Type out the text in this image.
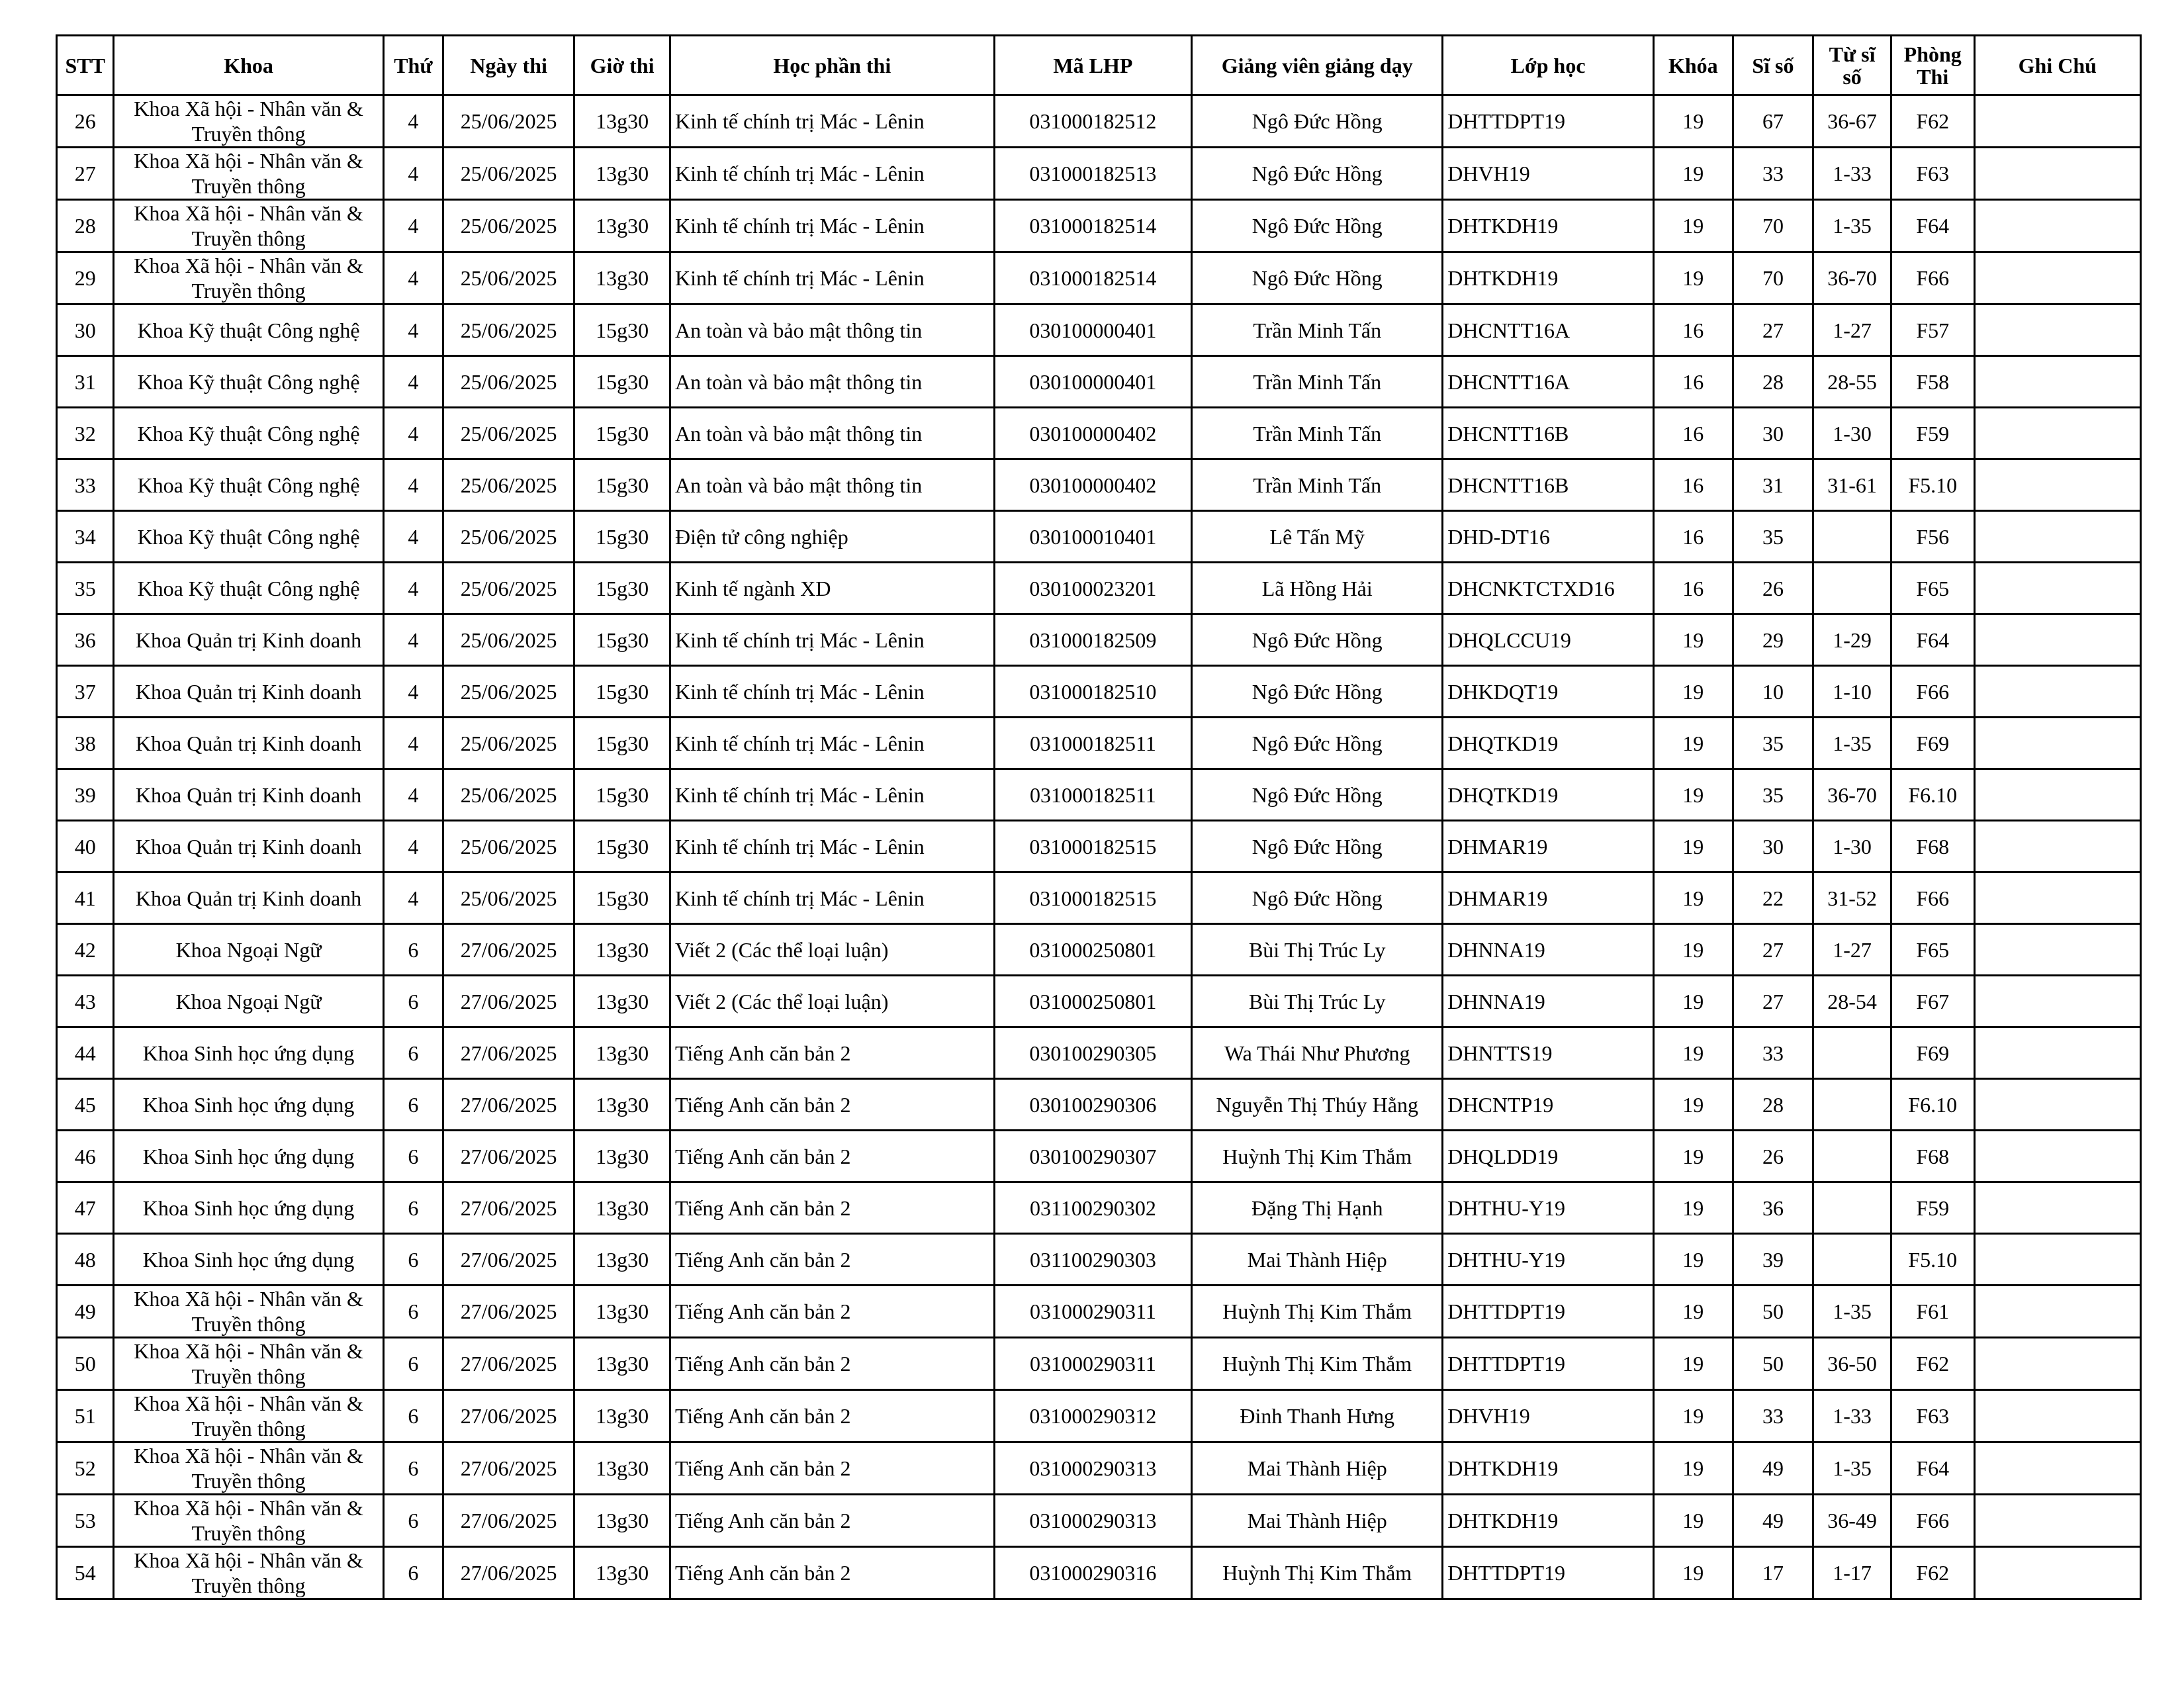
STT	Khoa	Thứ	Ngày thi	Giờ thi	Học phần thi	Mã LHP	Giảng viên giảng dạy	Lớp học	Khóa	Sĩ số	Từ sĩ số	Phòng Thi	Ghi Chú
26	Khoa Xã hội - Nhân văn & Truyền thông	4	25/06/2025	13g30	Kinh tế chính trị Mác - Lênin	031000182512	Ngô Đức Hồng	DHTTDPT19	19	67	36-67	F62	
27	Khoa Xã hội - Nhân văn & Truyền thông	4	25/06/2025	13g30	Kinh tế chính trị Mác - Lênin	031000182513	Ngô Đức Hồng	DHVH19	19	33	1-33	F63	
28	Khoa Xã hội - Nhân văn & Truyền thông	4	25/06/2025	13g30	Kinh tế chính trị Mác - Lênin	031000182514	Ngô Đức Hồng	DHTKDH19	19	70	1-35	F64	
29	Khoa Xã hội - Nhân văn & Truyền thông	4	25/06/2025	13g30	Kinh tế chính trị Mác - Lênin	031000182514	Ngô Đức Hồng	DHTKDH19	19	70	36-70	F66	
30	Khoa Kỹ thuật Công nghệ	4	25/06/2025	15g30	An toàn và bảo mật thông tin	030100000401	Trần Minh Tấn	DHCNTT16A	16	27	1-27	F57	
31	Khoa Kỹ thuật Công nghệ	4	25/06/2025	15g30	An toàn và bảo mật thông tin	030100000401	Trần Minh Tấn	DHCNTT16A	16	28	28-55	F58	
32	Khoa Kỹ thuật Công nghệ	4	25/06/2025	15g30	An toàn và bảo mật thông tin	030100000402	Trần Minh Tấn	DHCNTT16B	16	30	1-30	F59	
33	Khoa Kỹ thuật Công nghệ	4	25/06/2025	15g30	An toàn và bảo mật thông tin	030100000402	Trần Minh Tấn	DHCNTT16B	16	31	31-61	F5.10	
34	Khoa Kỹ thuật Công nghệ	4	25/06/2025	15g30	Điện tử công nghiệp	030100010401	Lê Tấn Mỹ	DHD-DT16	16	35		F56	
35	Khoa Kỹ thuật Công nghệ	4	25/06/2025	15g30	Kinh tế ngành XD	030100023201	Lã Hồng Hải	DHCNKTCTXD16	16	26		F65	
36	Khoa Quản trị Kinh doanh	4	25/06/2025	15g30	Kinh tế chính trị Mác - Lênin	031000182509	Ngô Đức Hồng	DHQLCCU19	19	29	1-29	F64	
37	Khoa Quản trị Kinh doanh	4	25/06/2025	15g30	Kinh tế chính trị Mác - Lênin	031000182510	Ngô Đức Hồng	DHKDQT19	19	10	1-10	F66	
38	Khoa Quản trị Kinh doanh	4	25/06/2025	15g30	Kinh tế chính trị Mác - Lênin	031000182511	Ngô Đức Hồng	DHQTKD19	19	35	1-35	F69	
39	Khoa Quản trị Kinh doanh	4	25/06/2025	15g30	Kinh tế chính trị Mác - Lênin	031000182511	Ngô Đức Hồng	DHQTKD19	19	35	36-70	F6.10	
40	Khoa Quản trị Kinh doanh	4	25/06/2025	15g30	Kinh tế chính trị Mác - Lênin	031000182515	Ngô Đức Hồng	DHMAR19	19	30	1-30	F68	
41	Khoa Quản trị Kinh doanh	4	25/06/2025	15g30	Kinh tế chính trị Mác - Lênin	031000182515	Ngô Đức Hồng	DHMAR19	19	22	31-52	F66	
42	Khoa Ngoại Ngữ	6	27/06/2025	13g30	Viết 2 (Các thể loại luận)	031000250801	Bùi Thị Trúc Ly	DHNNA19	19	27	1-27	F65	
43	Khoa Ngoại Ngữ	6	27/06/2025	13g30	Viết 2 (Các thể loại luận)	031000250801	Bùi Thị Trúc Ly	DHNNA19	19	27	28-54	F67	
44	Khoa Sinh học ứng dụng	6	27/06/2025	13g30	Tiếng Anh căn bản 2	030100290305	Wa Thái Như Phương	DHNTTS19	19	33		F69	
45	Khoa Sinh học ứng dụng	6	27/06/2025	13g30	Tiếng Anh căn bản 2	030100290306	Nguyễn Thị Thúy Hằng	DHCNTP19	19	28		F6.10	
46	Khoa Sinh học ứng dụng	6	27/06/2025	13g30	Tiếng Anh căn bản 2	030100290307	Huỳnh Thị Kim Thắm	DHQLDD19	19	26		F68	
47	Khoa Sinh học ứng dụng	6	27/06/2025	13g30	Tiếng Anh căn bản 2	031100290302	Đặng Thị Hạnh	DHTHU-Y19	19	36		F59	
48	Khoa Sinh học ứng dụng	6	27/06/2025	13g30	Tiếng Anh căn bản 2	031100290303	Mai Thành Hiệp	DHTHU-Y19	19	39		F5.10	
49	Khoa Xã hội - Nhân văn & Truyền thông	6	27/06/2025	13g30	Tiếng Anh căn bản 2	031000290311	Huỳnh Thị Kim Thắm	DHTTDPT19	19	50	1-35	F61	
50	Khoa Xã hội - Nhân văn & Truyền thông	6	27/06/2025	13g30	Tiếng Anh căn bản 2	031000290311	Huỳnh Thị Kim Thắm	DHTTDPT19	19	50	36-50	F62	
51	Khoa Xã hội - Nhân văn & Truyền thông	6	27/06/2025	13g30	Tiếng Anh căn bản 2	031000290312	Đinh Thanh Hưng	DHVH19	19	33	1-33	F63	
52	Khoa Xã hội - Nhân văn & Truyền thông	6	27/06/2025	13g30	Tiếng Anh căn bản 2	031000290313	Mai Thành Hiệp	DHTKDH19	19	49	1-35	F64	
53	Khoa Xã hội - Nhân văn & Truyền thông	6	27/06/2025	13g30	Tiếng Anh căn bản 2	031000290313	Mai Thành Hiệp	DHTKDH19	19	49	36-49	F66	
54	Khoa Xã hội - Nhân văn & Truyền thông	6	27/06/2025	13g30	Tiếng Anh căn bản 2	031000290316	Huỳnh Thị Kim Thắm	DHTTDPT19	19	17	1-17	F62	
